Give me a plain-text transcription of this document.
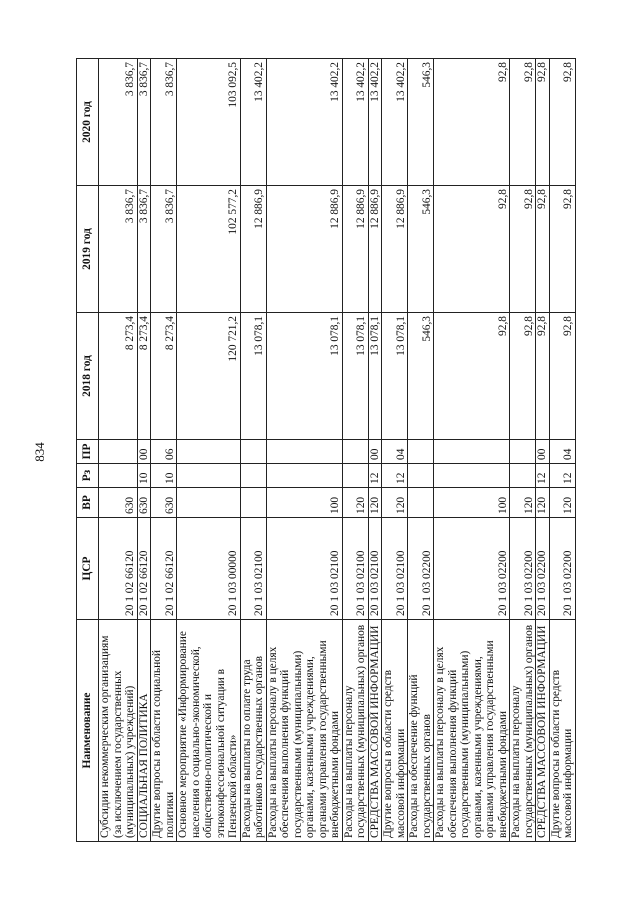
834
Наименование	ЦСР	ВР	Рз	ПР	2018 год	2019 год	2020 год
Субсидии некоммерческим организациям (за исключением государственных (муниципальных) учреждений)	20 1 02 66120	630			8 273,4	3 836,7	3 836,7
СОЦИАЛЬНАЯ ПОЛИТИКА	20 1 02 66120	630	10	00	8 273,4	3 836,7	3 836,7
Другие вопросы в области социальной политики	20 1 02 66120	630	10	06	8 273,4	3 836,7	3 836,7
Основное мероприятие «Информирование населения о социально-экономической, общественно-политической и этноконфессиональной ситуации в Пензенской области»	20 1 03 00000				120 721,2	102 577,2	103 092,5
Расходы на выплаты по оплате труда работников государственных органов	20 1 03 02100				13 078,1	12 886,9	13 402,2
Расходы на выплаты персоналу в целях обеспечения выполнения функций государственными (муниципальными) органами, казенными учреждениями, органами управления государственными внебюджетными фондами	20 1 03 02100	100			13 078,1	12 886,9	13 402,2
Расходы на выплаты персоналу государственных (муниципальных) органов	20 1 03 02100	120			13 078,1	12 886,9	13 402,2
СРЕДСТВА МАССОВОЙ ИНФОРМАЦИИ	20 1 03 02100	120	12	00	13 078,1	12 886,9	13 402,2
Другие вопросы в области средств массовой информации	20 1 03 02100	120	12	04	13 078,1	12 886,9	13 402,2
Расходы на обеспечение функций государственных органов	20 1 03 02200				546,3	546,3	546,3
Расходы на выплаты персоналу в целях обеспечения выполнения функций государственными (муниципальными) органами, казенными учреждениями, органами управления государственными внебюджетными фондами	20 1 03 02200	100			92,8	92,8	92,8
Расходы на выплаты персоналу государственных (муниципальных) органов	20 1 03 02200	120			92,8	92,8	92,8
СРЕДСТВА МАССОВОЙ ИНФОРМАЦИИ	20 1 03 02200	120	12	00	92,8	92,8	92,8
Другие вопросы в области средств массовой информации	20 1 03 02200	120	12	04	92,8	92,8	92,8
